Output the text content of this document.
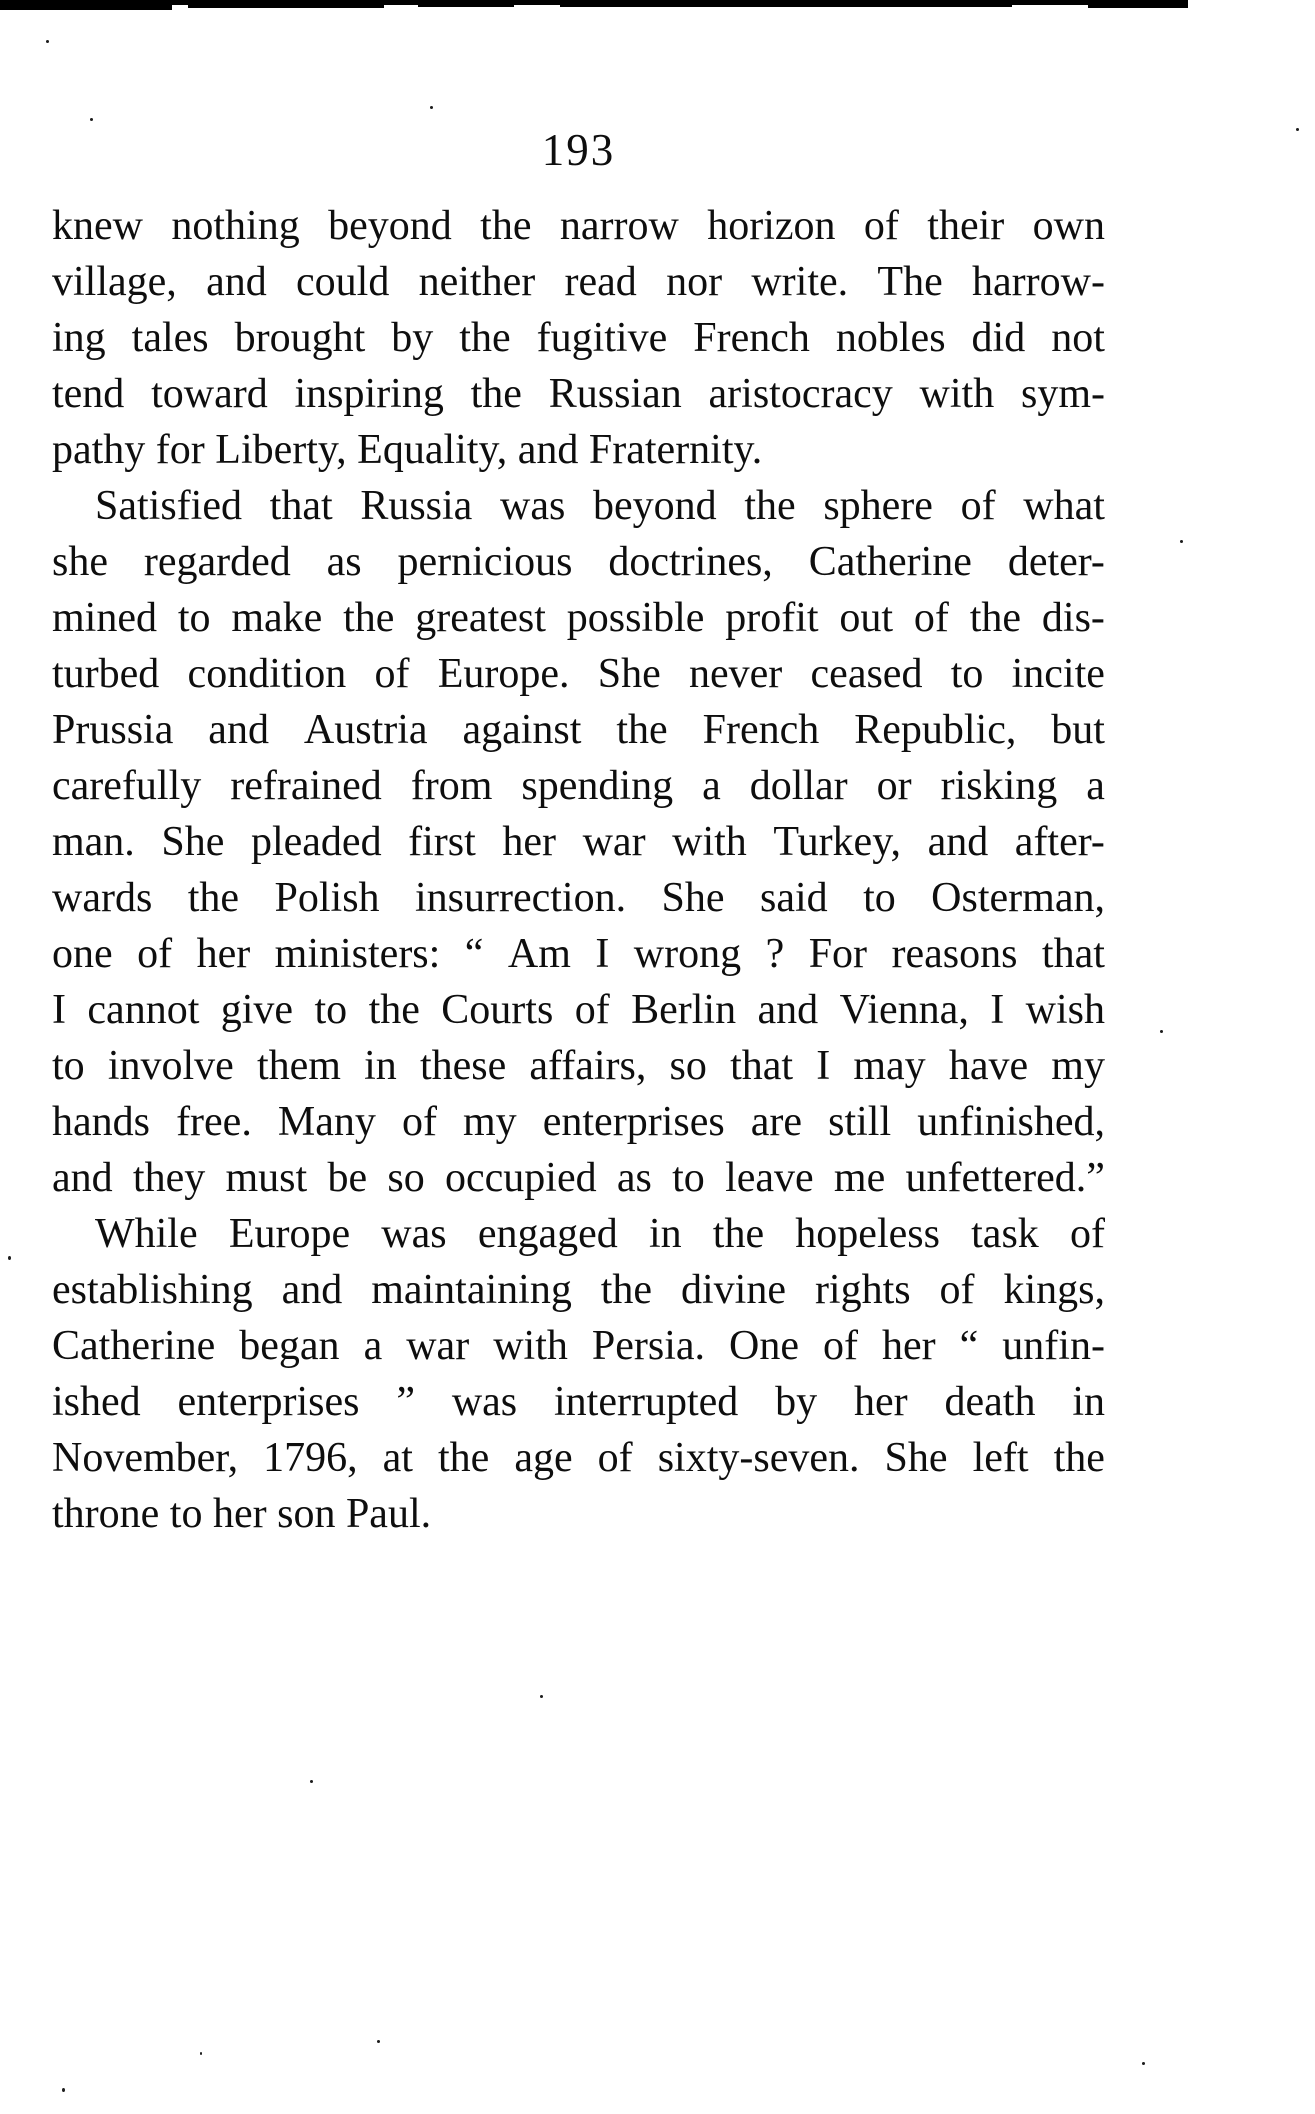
193
knew nothing beyond the narrow horizon of their own
village, and could neither read nor write. The harrow-
ing tales brought by the fugitive French nobles did not
tend toward inspiring the Russian aristocracy with sym-
pathy for Liberty, Equality, and Fraternity.
Satisfied that Russia was beyond the sphere of what
she regarded as pernicious doctrines, Catherine deter-
mined to make the greatest possible profit out of the dis-
turbed condition of Europe. She never ceased to incite
Prussia and Austria against the French Republic, but
carefully refrained from spending a dollar or risking a
man. She pleaded first her war with Turkey, and after-
wards the Polish insurrection. She said to Osterman,
one of her ministers: “ Am I wrong ? For reasons that
I cannot give to the Courts of Berlin and Vienna, I wish
to involve them in these affairs, so that I may have my
hands free. Many of my enterprises are still unfinished,
and they must be so occupied as to leave me unfettered.”
While Europe was engaged in the hopeless task of
establishing and maintaining the divine rights of kings,
Catherine began a war with Persia. One of her “ unfin-
ished enterprises ” was interrupted by her death in
November, 1796, at the age of sixty-seven. She left the
throne to her son Paul.
